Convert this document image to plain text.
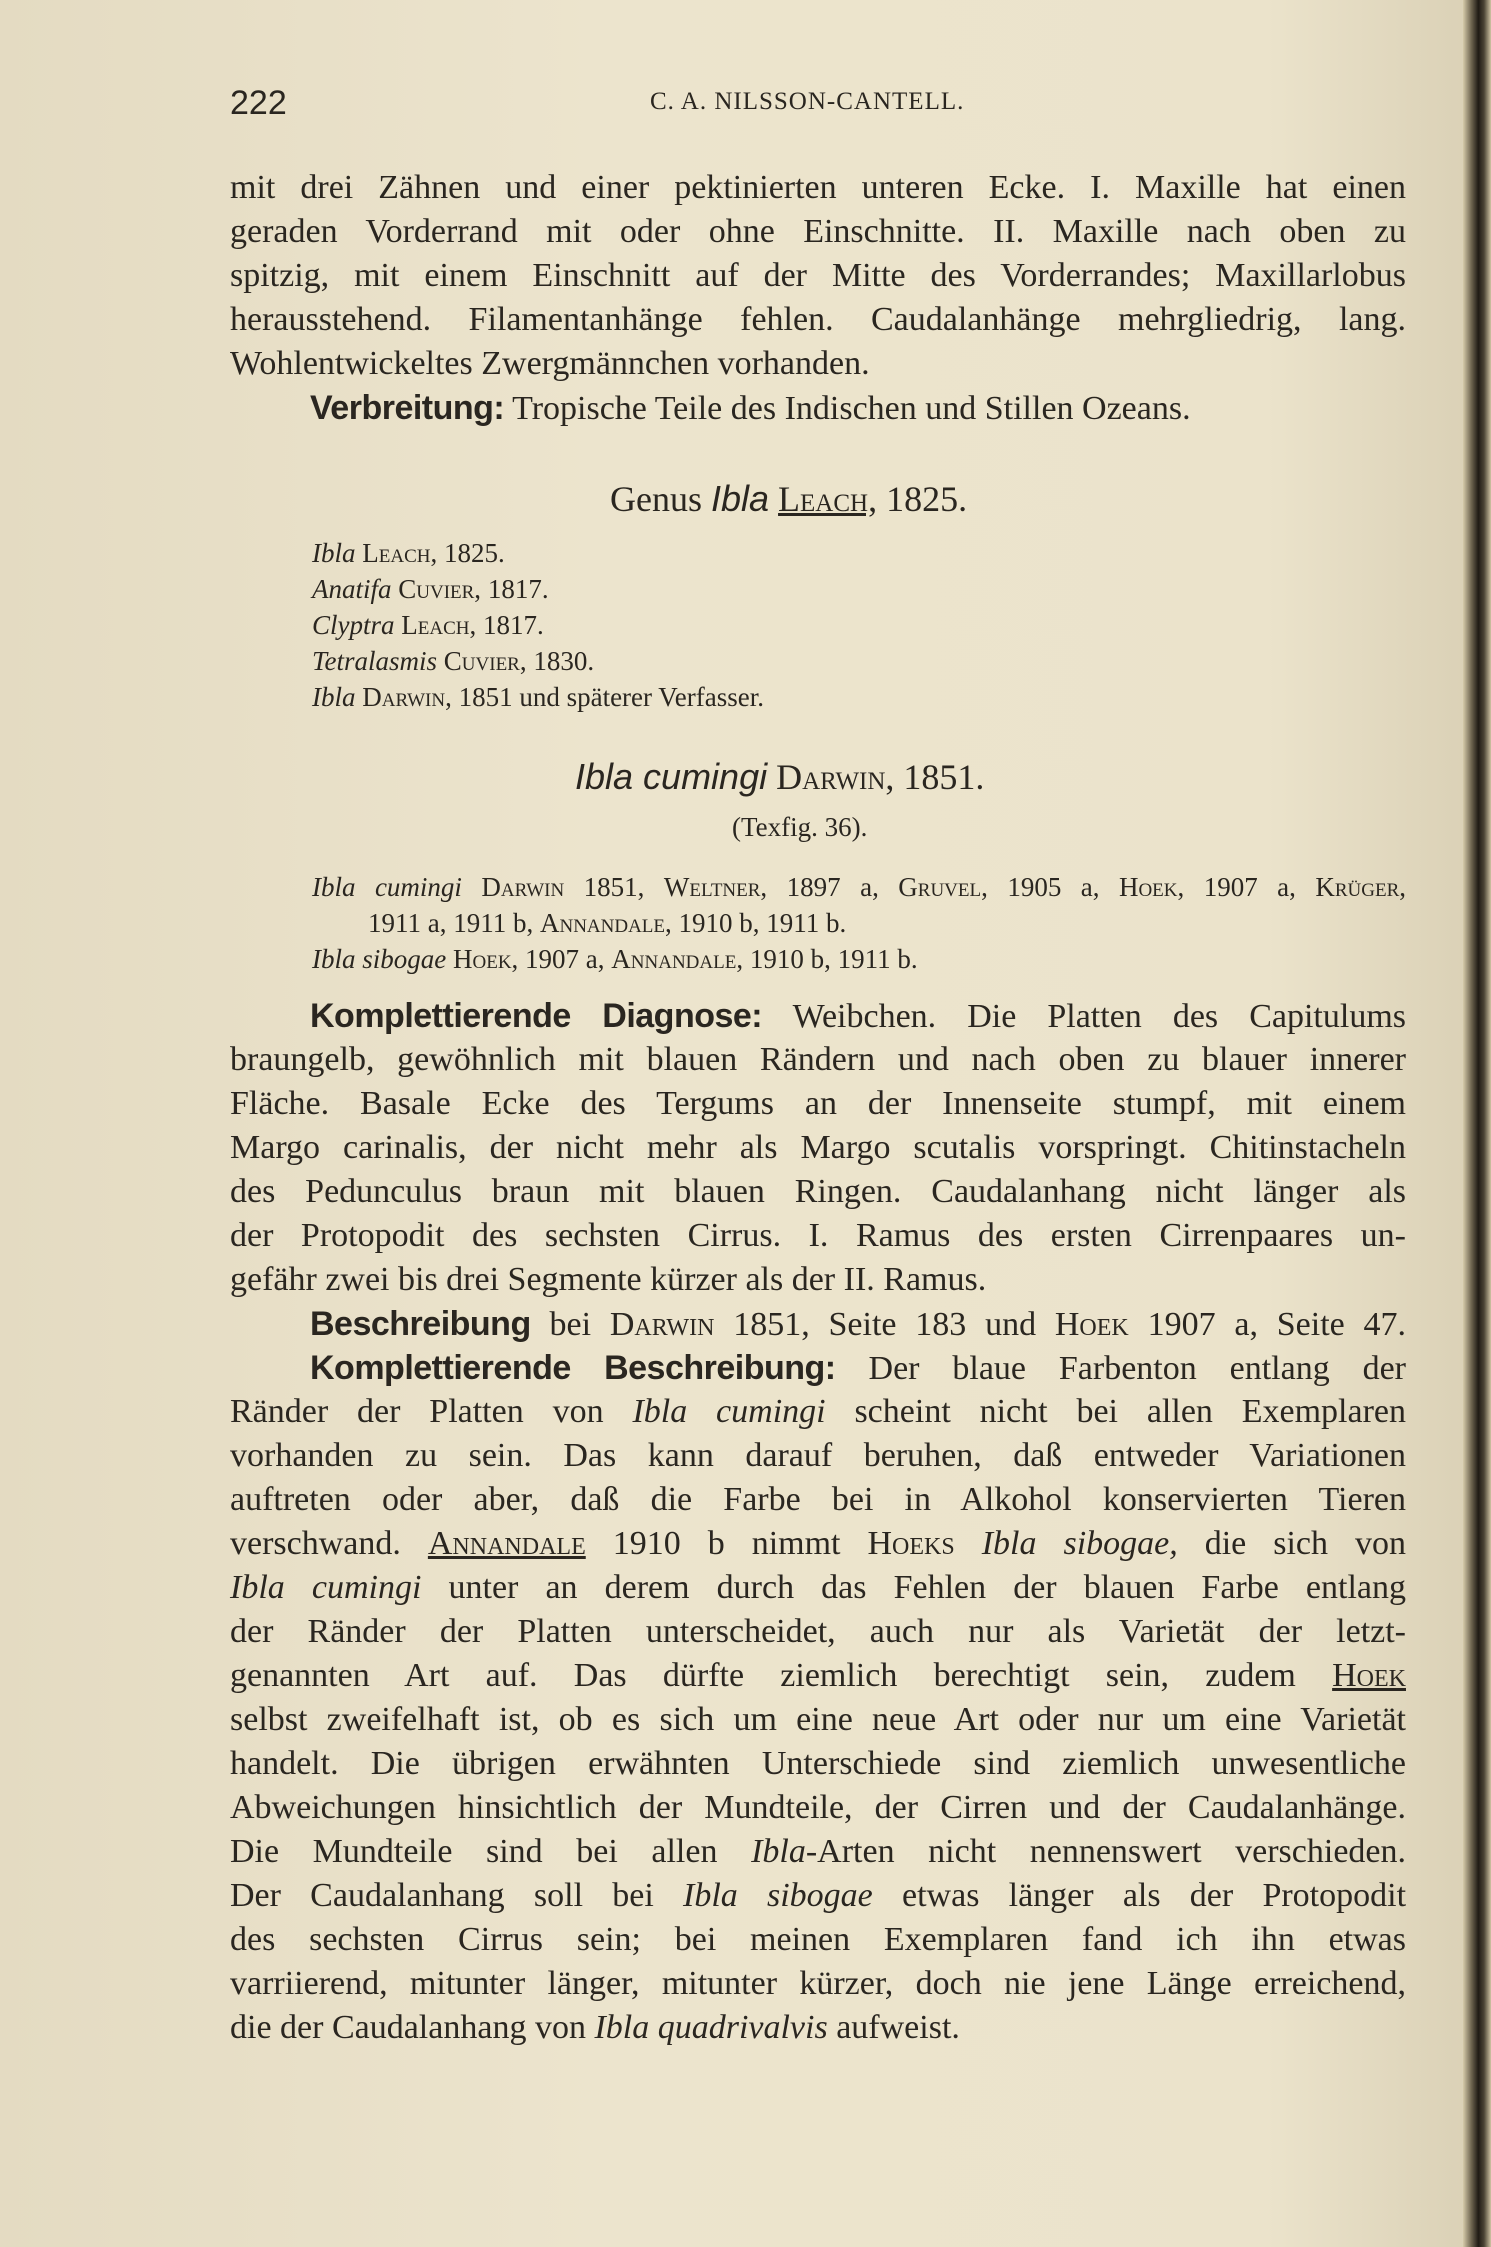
222	C. A. NILSSON-CANTELL.
mit drei Zähnen und einer pektinierten unteren Ecke. I. Maxille hat einen
geraden Vorderrand mit oder ohne Einschnitte. II. Maxille nach oben zu
spitzig, mit einem Einschnitt auf der Mitte des Vorderrandes; Maxillarlobus
herausstehend. Filamentanhänge fehlen. Caudalanhänge mehrgliedrig, lang.
Wohlentwickeltes Zwergmännchen vorhanden.
Verbreitung: Tropische Teile des Indischen und Stillen Ozeans.
Genus Ibla Leach, 1825.
Ibla Leach, 1825.
Anatifa Cuvier, 1817.
Clyptra Leach, 1817.
Tetralasmis Cuvier, 1830.
Ibla Darwin, 1851 und späterer Verfasser.
Ibla cumingi Darwin, 1851.
(Texfig. 36).
Ibla cumingi Darwin 1851, Weltner, 1897 a, Gruvel, 1905 a, Hoek, 1907 a, Krüger,
1911 a, 1911 b, Annandale, 1910 b, 1911 b.
Ibla sibogae Hoek, 1907 a, Annandale, 1910 b, 1911 b.
Komplettierende Diagnose: Weibchen. Die Platten des Capitulums
braungelb, gewöhnlich mit blauen Rändern und nach oben zu blauer innerer
Fläche. Basale Ecke des Tergums an der Innenseite stumpf, mit einem
Margo carinalis, der nicht mehr als Margo scutalis vorspringt. Chitinstacheln
des Pedunculus braun mit blauen Ringen. Caudalanhang nicht länger als
der Protopodit des sechsten Cirrus. I. Ramus des ersten Cirrenpaares un-
gefähr zwei bis drei Segmente kürzer als der II. Ramus.
Beschreibung bei Darwin 1851, Seite 183 und Hoek 1907 a, Seite 47.
Komplettierende Beschreibung: Der blaue Farbenton entlang der
Ränder der Platten von Ibla cumingi scheint nicht bei allen Exemplaren
vorhanden zu sein. Das kann darauf beruhen, daß entweder Variationen
auftreten oder aber, daß die Farbe bei in Alkohol konservierten Tieren
verschwand. Annandale 1910 b nimmt Hoeks Ibla sibogae, die sich von
Ibla cumingi unter an derem durch das Fehlen der blauen Farbe entlang
der Ränder der Platten unterscheidet, auch nur als Varietät der letzt-
genannten Art auf. Das dürfte ziemlich berechtigt sein, zudem Hoek
selbst zweifelhaft ist, ob es sich um eine neue Art oder nur um eine Varietät
handelt. Die übrigen erwähnten Unterschiede sind ziemlich unwesentliche
Abweichungen hinsichtlich der Mundteile, der Cirren und der Caudalanhänge.
Die Mundteile sind bei allen Ibla-Arten nicht nennenswert verschieden.
Der Caudalanhang soll bei Ibla sibogae etwas länger als der Protopodit
des sechsten Cirrus sein; bei meinen Exemplaren fand ich ihn etwas
varriierend, mitunter länger, mitunter kürzer, doch nie jene Länge erreichend,
die der Caudalanhang von Ibla quadrivalvis aufweist.
